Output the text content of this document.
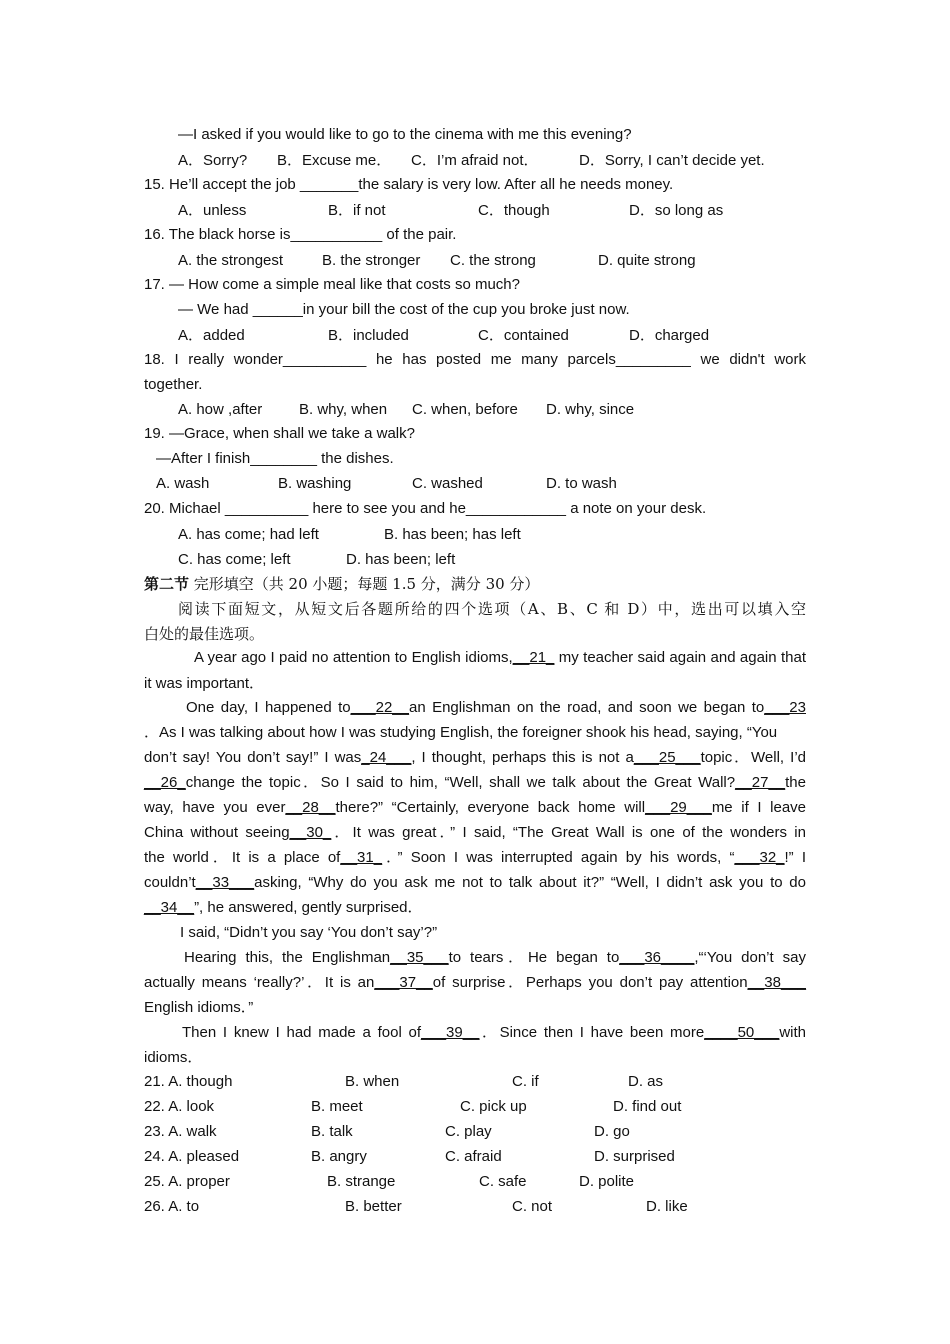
—I asked if you would like to go to the cinema with me this evening?
A．Sorry? B．Excuse me． C．I’m afraid not．	D．Sorry, I can’t decide yet.
15. He’ll accept the job _______the salary is very low. After all he needs money.
A．unless	B．if not	C．though	D．so long as
16. The black horse is___________ of the pair.
A. the strongest	B. the stronger C. the strong	D. quite strong
17. — How come a simple meal like that costs so much?
— We had ______in your bill the cost of the cup you broke just now.
A．added	B．included	C．contained	D．charged
18. I really wonder__________ he has posted me many parcels_________ we didn't work
together.
A. how ,after B. why, when C. when, before D. why, since
19. —Grace, when shall we take a walk?
—After I finish________ the dishes.
A. wash	B. washing	C. washed	D. to wash
20. Michael __________ here to see you and he____________ a note on your desk.
A. has come; had left	B. has been; has left
C. has come; left	D. has been; left
第二节 完形填空（共 20 小题；每题 1.5 分，满分 30 分）
阅读下面短文，从短文后各题所给的四个选项（A、B、C 和 D）中，选出可以填入空
白处的最佳选项。
A year ago I paid no attention to English idioms,__21_ my teacher said again and again that
it was important．
One day, I happened to___22__an Englishman on the road, and soon we began to___23
．As I was talking about how I was studying English, the foreigner shook his head, saying, “You
don’t say! You don’t say!” I was_24___, I thought, perhaps this is not a___25___topic．Well, I’d
__26_change the topic．So I said to him, “Well, shall we talk about the Great Wall?__27__the
way, have you ever__28__there?” “Certainly, everyone back home will___29___me if I leave
China without seeing__30_．It was great．” I said, “The Great Wall is one of the wonders in
the world．It is a place of__31_．” Soon I was interrupted again by his words, “___32_!” I
couldn’t__33___asking, “Why do you ask me not to talk about it?” “Well, I didn’t ask you to do
__34__”, he answered, gently surprised．
I said, “Didn’t you say ‘You don’t say’?”
Hearing this, the Englishman__35___to tears．He began to___36____,“‘You don’t say
actually means ‘really?’．It is an___37__of surprise．Perhaps you don’t pay attention__38___
English idioms．”
Then I knew I had made a fool of___39__．Since then I have been more____50___with
idioms．
21. A. though	B. when	C. if	D. as
22. A. look	B. meet	C. pick up	D. find out
23. A. walk	B. talk	C. play	D. go
24. A. pleased	B. angry	C. afraid	D. surprised
25. A. proper	B. strange	C. safe	D. polite
26. A. to	B. better	C. not	D. like
